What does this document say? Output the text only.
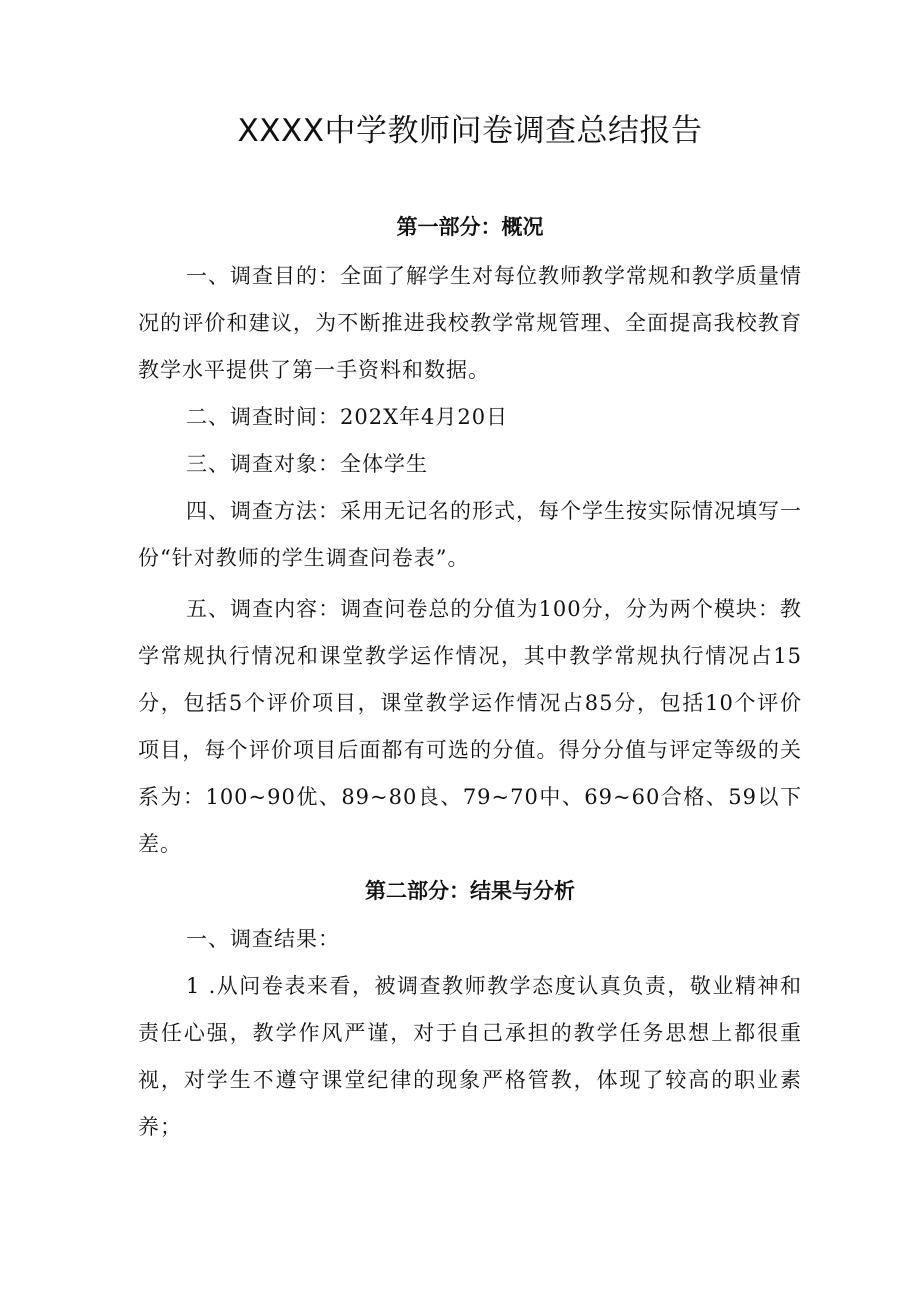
XXXX中学教师问卷调查总结报告
第一部分：概况

一、调查目的：全面了解学生对每位教师教学常规和教学质量情况的评价和建议，为不断推进我校教学常规管理、全面提高我校教育教学水平提供了第一手资料和数据。

二、调查时间：202X年4月20日

三、调查对象：全体学生

四、调查方法：采用无记名的形式，每个学生按实际情况填写一份“针对教师的学生调查问卷表”。

五、调查内容：调查问卷总的分值为100分，分为两个模块：教学常规执行情况和课堂教学运作情况，其中教学常规执行情况占15分，包括5个评价项目，课堂教学运作情况占85分，包括10个评价项目，每个评价项目后面都有可选的分值。得分分值与评定等级的关系为：100~90优、89~80良、79~70中、69~60合格、59以下差。

第二部分：结果与分析

一、调查结果：

1 .从问卷表来看，被调查教师教学态度认真负责，敬业精神和责任心强，教学作风严谨，对于自己承担的教学任务思想上都很重视，对学生不遵守课堂纪律的现象严格管教，体现了较高的职业素养；
